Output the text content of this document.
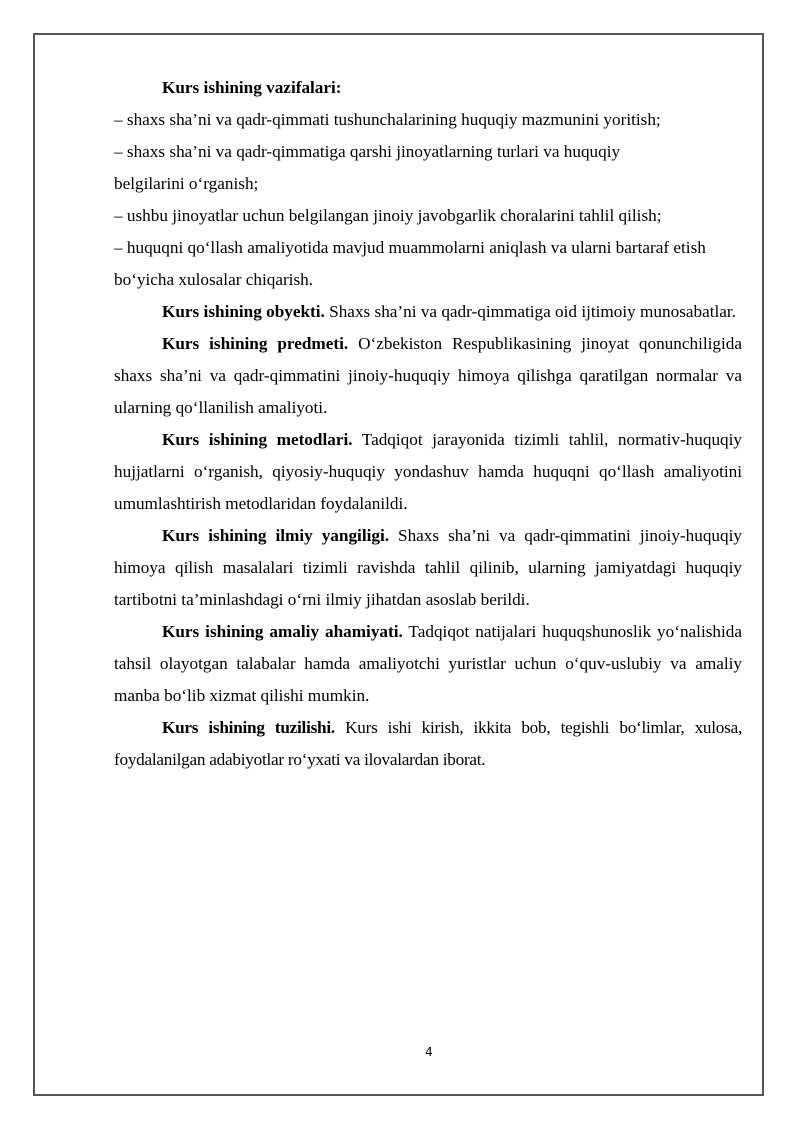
Kurs ishining vazifalari:

– shaxs sha’ni va qadr-qimmati tushunchalarining huquqiy mazmunini yoritish;

– shaxs sha’ni va qadr-qimmatiga qarshi jinoyatlarning turlari va huquqiy belgilarini o‘rganish;

– ushbu jinoyatlar uchun belgilangan jinoiy javobgarlik choralarini tahlil qilish;

– huquqni qo‘llash amaliyotida mavjud muammolarni aniqlash va ularni bartaraf etish bo‘yicha xulosalar chiqarish.

Kurs ishining obyekti. Shaxs sha’ni va qadr-qimmatiga oid ijtimoiy munosabatlar.

Kurs ishining predmeti. O‘zbekiston Respublikasining jinoyat qonunchiligida shaxs sha’ni va qadr-qimmatini jinoiy-huquqiy himoya qilishga qaratilgan normalar va ularning qo‘llanilish amaliyoti.

Kurs ishining metodlari. Tadqiqot jarayonida tizimli tahlil, normativ-huquqiy hujjatlarni o‘rganish, qiyosiy-huquqiy yondashuv hamda huquqni qo‘llash amaliyotini umumlashtirish metodlaridan foydalanildi.

Kurs ishining ilmiy yangiligi. Shaxs sha’ni va qadr-qimmatini jinoiy-huquqiy himoya qilish masalalari tizimli ravishda tahlil qilinib, ularning jamiyatdagi huquqiy tartibotni ta’minlashdagi o‘rni ilmiy jihatdan asoslab berildi.

Kurs ishining amaliy ahamiyati. Tadqiqot natijalari huquqshunoslik yo‘nalishida tahsil olayotgan talabalar hamda amaliyotchi yuristlar uchun o‘quv-uslubiy va amaliy manba bo‘lib xizmat qilishi mumkin.

Kurs ishining tuzilishi. Kurs ishi kirish, ikkita bob, tegishli bo‘limlar, xulosa, foydalanilgan adabiyotlar ro‘yxati va ilovalardan iborat.

4
